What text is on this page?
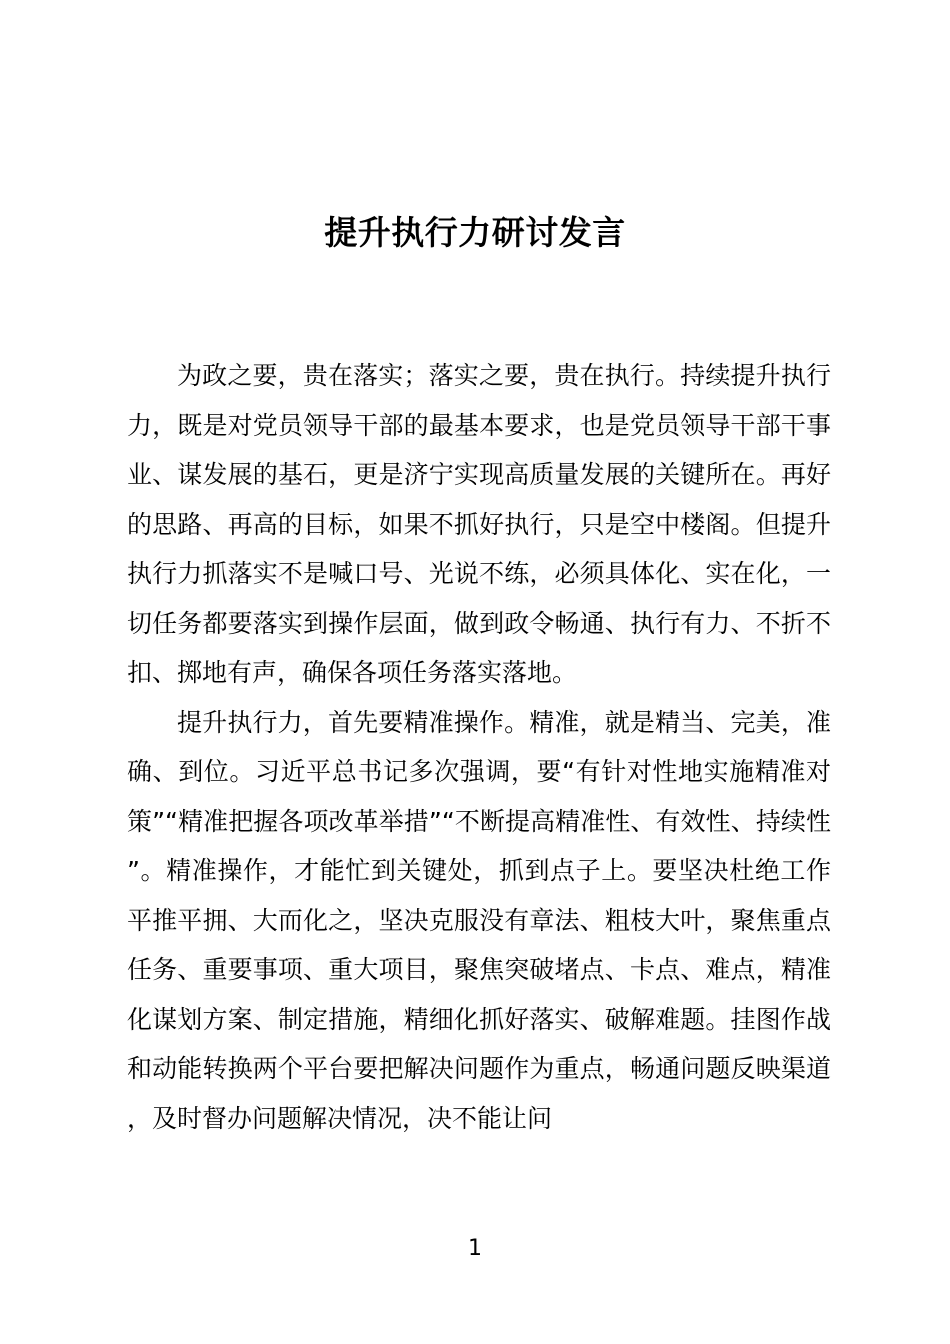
提升执行力研讨发言

为政之要，贵在落实；落实之要，贵在执行。持续提升执行力，既是对党员领导干部的最基本要求，也是党员领导干部干事业、谋发展的基石，更是济宁实现高质量发展的关键所在。再好的思路、再高的目标，如果不抓好执行，只是空中楼阁。但提升执行力抓落实不是喊口号、光说不练，必须具体化、实在化，一切任务都要落实到操作层面，做到政令畅通、执行有力、不折不扣、掷地有声，确保各项任务落实落地。

提升执行力，首先要精准操作。精准，就是精当、完美，准确、到位。习近平总书记多次强调，要“有针对性地实施精准对策”“精准把握各项改革举措”“不断提高精准性、有效性、持续性”。精准操作，才能忙到关键处，抓到点子上。要坚决杜绝工作平推平拥、大而化之，坚决克服没有章法、粗枝大叶，聚焦重点任务、重要事项、重大项目，聚焦突破堵点、卡点、难点，精准化谋划方案、制定措施，精细化抓好落实、破解难题。挂图作战和动能转换两个平台要把解决问题作为重点，畅通问题反映渠道，及时督办问题解决情况，决不能让问

1
